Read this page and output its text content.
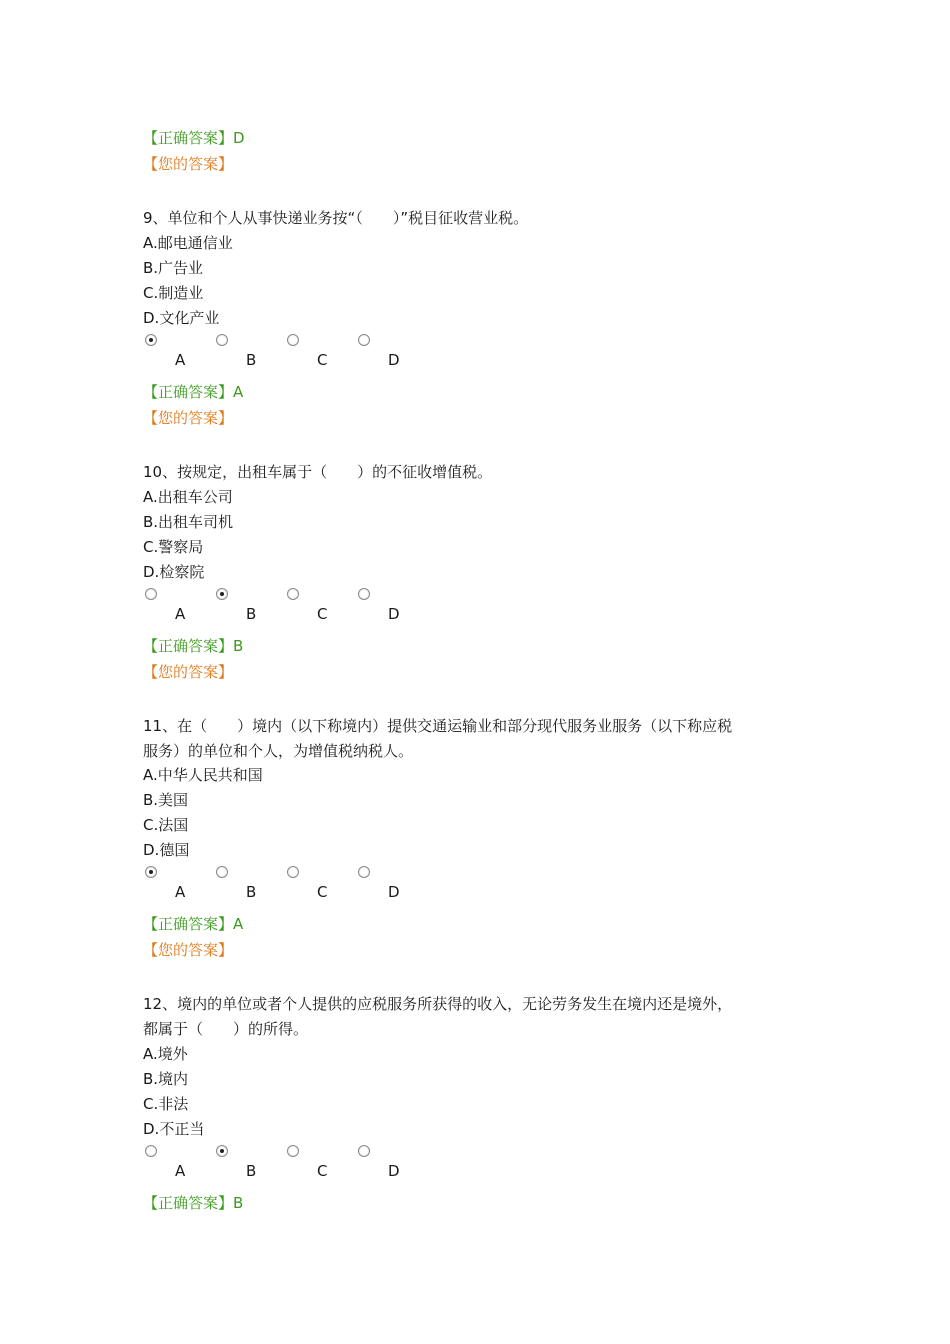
【正确答案】D
【您的答案】
9、单位和个人从事快递业务按“（　　）”税目征收营业税。
A.邮电通信业
B.广告业
C.制造业
D.文化产业
A	B	C	D
【正确答案】A
【您的答案】
10、按规定，出租车属于（　　）的不征收增值税。
A.出租车公司
B.出租车司机
C.警察局
D.检察院
A	B	C	D
【正确答案】B
【您的答案】
11、在（　　）境内（以下称境内）提供交通运输业和部分现代服务业服务（以下称应税
服务）的单位和个人，为增值税纳税人。
A.中华人民共和国
B.美国
C.法国
D.德国
A	B	C	D
【正确答案】A
【您的答案】
12、境内的单位或者个人提供的应税服务所获得的收入，无论劳务发生在境内还是境外，
都属于（　　）的所得。
A.境外
B.境内
C.非法
D.不正当
A	B	C	D
【正确答案】B
